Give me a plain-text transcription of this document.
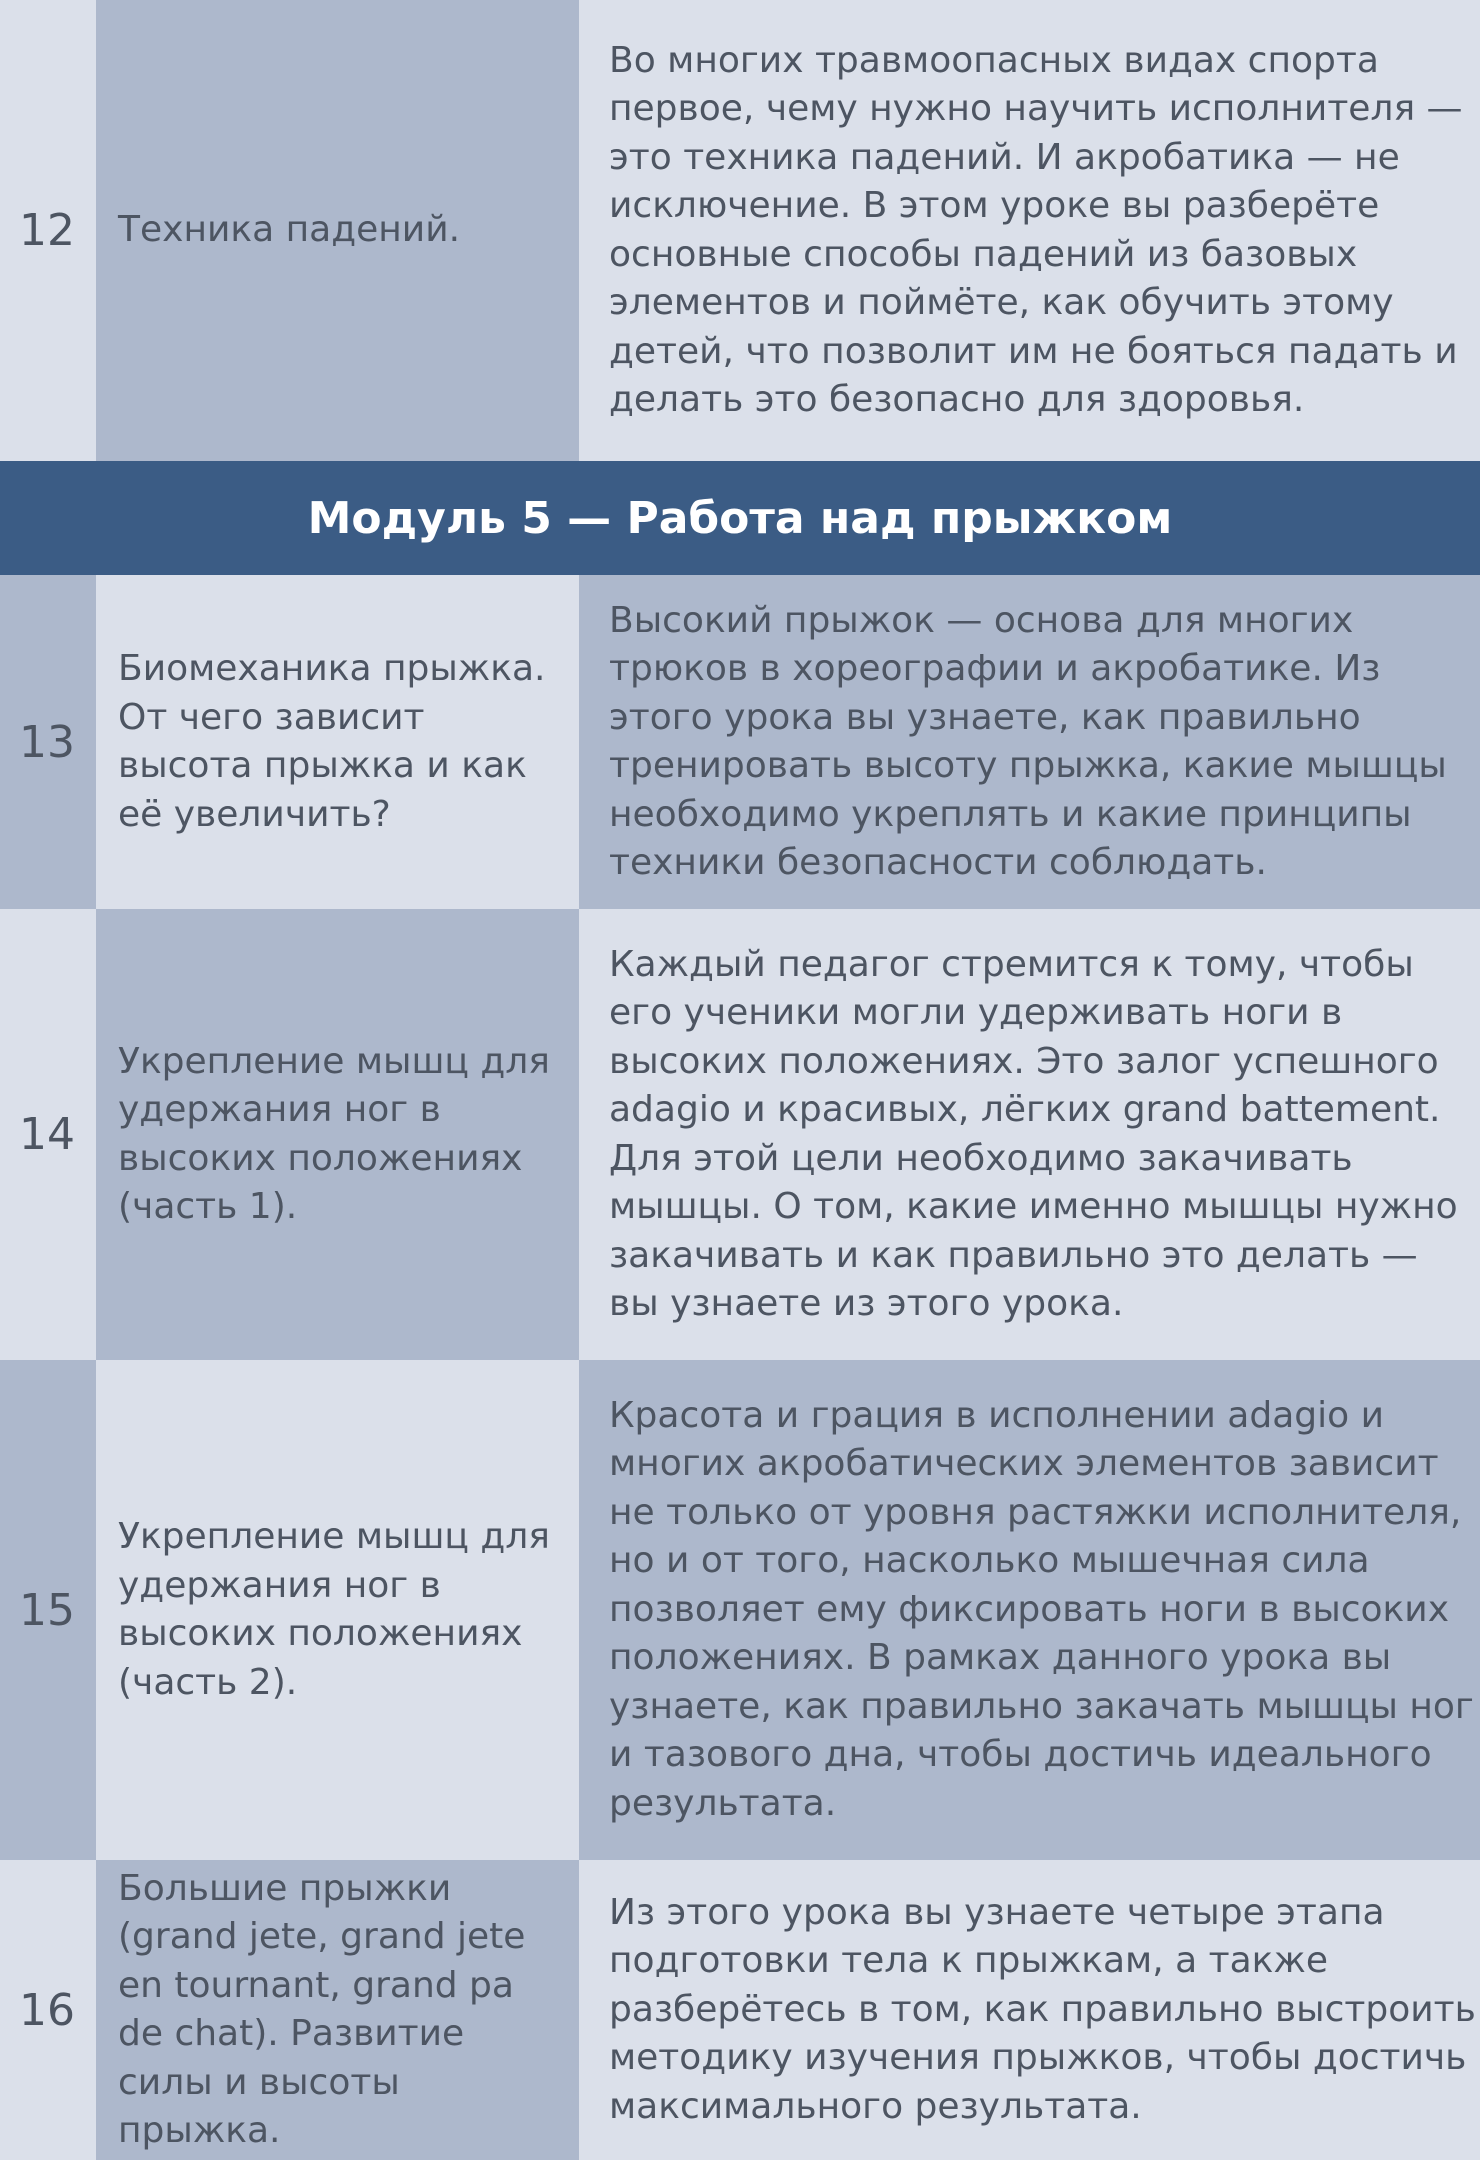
12	Техника падений.
Во многих травмоопасных видах спорта первое, чему нужно научить исполнителя — это техника падений. И акробатика — не исключение. В этом уроке вы разберёте основные способы падений из базовых элементов и поймёте, как обучить этому детей, что позволит им не бояться падать и делать это безопасно для здоровья.
Модуль 5 — Работа над прыжком
13
Биомеханика прыжка. От чего зависит высота прыжка и как её увеличить?
Высокий прыжок — основа для многих трюков в хореографии и акробатике. Из этого урока вы узнаете, как правильно тренировать высоту прыжка, какие мышцы необходимо укреплять и какие принципы техники безопасности соблюдать.
14
Укрепление мышц для удержания ног в высоких положениях (часть 1).
Каждый педагог стремится к тому, чтобы его ученики могли удерживать ноги в высоких положениях. Это залог успешного adagio и красивых, лёгких grand battement. Для этой цели необходимо закачивать мышцы. О том, какие именно мышцы нужно закачивать и как правильно это делать — вы узнаете из этого урока.
15
Укрепление мышц для удержания ног в высоких положениях (часть 2).
Красота и грация в исполнении adagio и многих акробатических элементов зависит не только от уровня растяжки исполнителя, но и от того, насколько мышечная сила позволяет ему фиксировать ноги в высоких положениях. В рамках данного урока вы узнаете, как правильно закачать мышцы ног и тазового дна, чтобы достичь идеального результата.
16
Большие прыжки (grand jete, grand jete en tournant, grand pa de chat). Развитие силы и высоты прыжка.
Из этого урока вы узнаете четыре этапа подготовки тела к прыжкам, а также разберётесь в том, как правильно выстроить методику изучения прыжков, чтобы достичь максимального результата.
